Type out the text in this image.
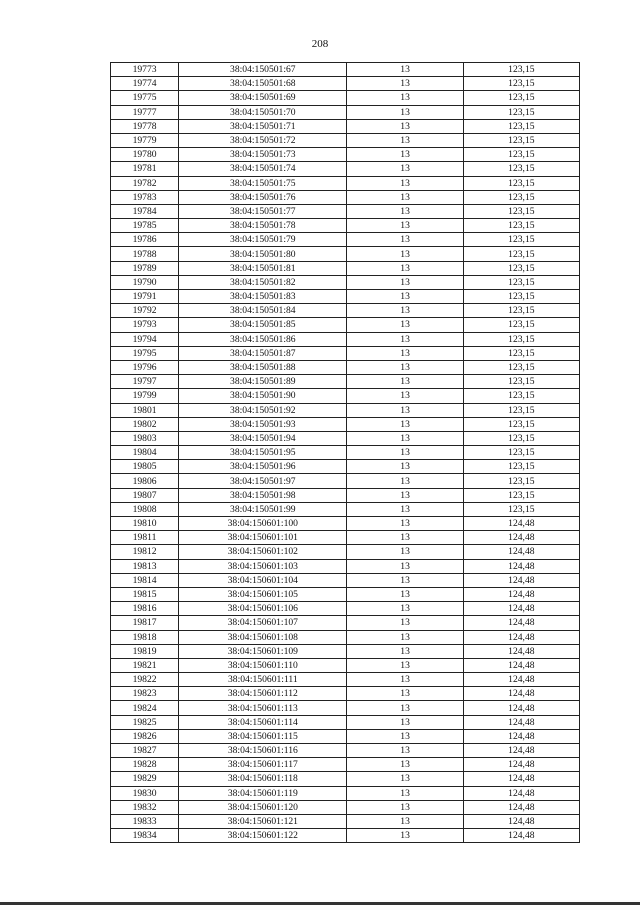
208
19773	38:04:150501:67	13	123,15
19774	38:04:150501:68	13	123,15
19775	38:04:150501:69	13	123,15
19777	38:04:150501:70	13	123,15
19778	38:04:150501:71	13	123,15
19779	38:04:150501:72	13	123,15
19780	38:04:150501:73	13	123,15
19781	38:04:150501:74	13	123,15
19782	38:04:150501:75	13	123,15
19783	38:04:150501:76	13	123,15
19784	38:04:150501:77	13	123,15
19785	38:04:150501:78	13	123,15
19786	38:04:150501:79	13	123,15
19788	38:04:150501:80	13	123,15
19789	38:04:150501:81	13	123,15
19790	38:04:150501:82	13	123,15
19791	38:04:150501:83	13	123,15
19792	38:04:150501:84	13	123,15
19793	38:04:150501:85	13	123,15
19794	38:04:150501:86	13	123,15
19795	38:04:150501:87	13	123,15
19796	38:04:150501:88	13	123,15
19797	38:04:150501:89	13	123,15
19799	38:04:150501:90	13	123,15
19801	38:04:150501:92	13	123,15
19802	38:04:150501:93	13	123,15
19803	38:04:150501:94	13	123,15
19804	38:04:150501:95	13	123,15
19805	38:04:150501:96	13	123,15
19806	38:04:150501:97	13	123,15
19807	38:04:150501:98	13	123,15
19808	38:04:150501:99	13	123,15
19810	38:04:150601:100	13	124,48
19811	38:04:150601:101	13	124,48
19812	38:04:150601:102	13	124,48
19813	38:04:150601:103	13	124,48
19814	38:04:150601:104	13	124,48
19815	38:04:150601:105	13	124,48
19816	38:04:150601:106	13	124,48
19817	38:04:150601:107	13	124,48
19818	38:04:150601:108	13	124,48
19819	38:04:150601:109	13	124,48
19821	38:04:150601:110	13	124,48
19822	38:04:150601:111	13	124,48
19823	38:04:150601:112	13	124,48
19824	38:04:150601:113	13	124,48
19825	38:04:150601:114	13	124,48
19826	38:04:150601:115	13	124,48
19827	38:04:150601:116	13	124,48
19828	38:04:150601:117	13	124,48
19829	38:04:150601:118	13	124,48
19830	38:04:150601:119	13	124,48
19832	38:04:150601:120	13	124,48
19833	38:04:150601:121	13	124,48
19834	38:04:150601:122	13	124,48
